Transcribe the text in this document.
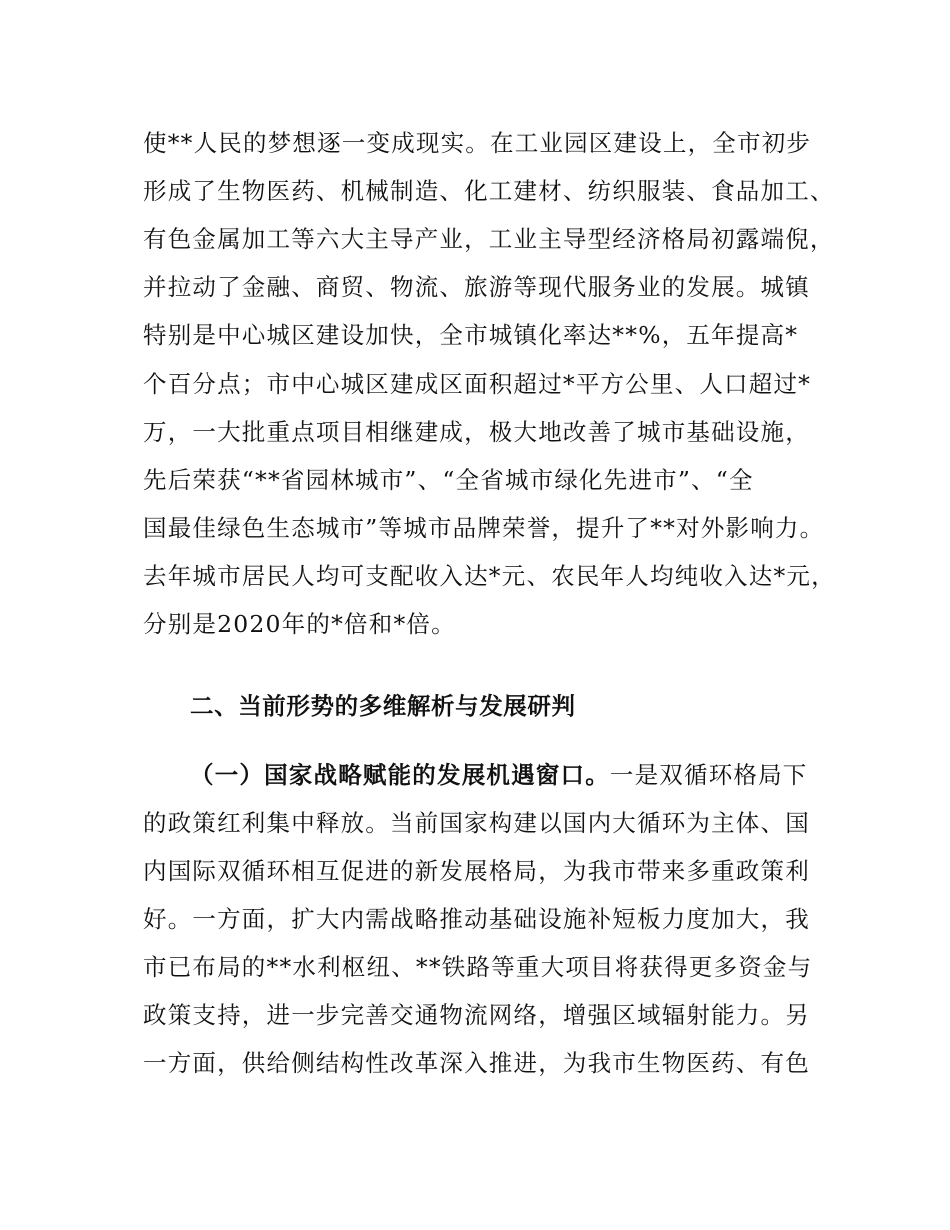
使**人民的梦想逐一变成现实。在工业园区建设上，全市初步
形成了生物医药、机械制造、化工建材、纺织服装、食品加工、
有色金属加工等六大主导产业，工业主导型经济格局初露端倪，
并拉动了金融、商贸、物流、旅游等现代服务业的发展。城镇
特别是中心城区建设加快，全市城镇化率达**%，五年提高*
个百分点；市中心城区建成区面积超过*平方公里、人口超过*
万，一大批重点项目相继建成，极大地改善了城市基础设施，
先后荣获“**省园林城市”、“全省城市绿化先进市”、“全
国最佳绿色生态城市”等城市品牌荣誉，提升了**对外影响力。
去年城市居民人均可支配收入达*元、农民年人均纯收入达*元，
分别是2020年的*倍和*倍。
二、当前形势的多维解析与发展研判
（一）国家战略赋能的发展机遇窗口。一是双循环格局下
的政策红利集中释放。当前国家构建以国内大循环为主体、国
内国际双循环相互促进的新发展格局，为我市带来多重政策利
好。一方面，扩大内需战略推动基础设施补短板力度加大，我
市已布局的**水利枢纽、**铁路等重大项目将获得更多资金与
政策支持，进一步完善交通物流网络，增强区域辐射能力。另
一方面，供给侧结构性改革深入推进，为我市生物医药、有色
